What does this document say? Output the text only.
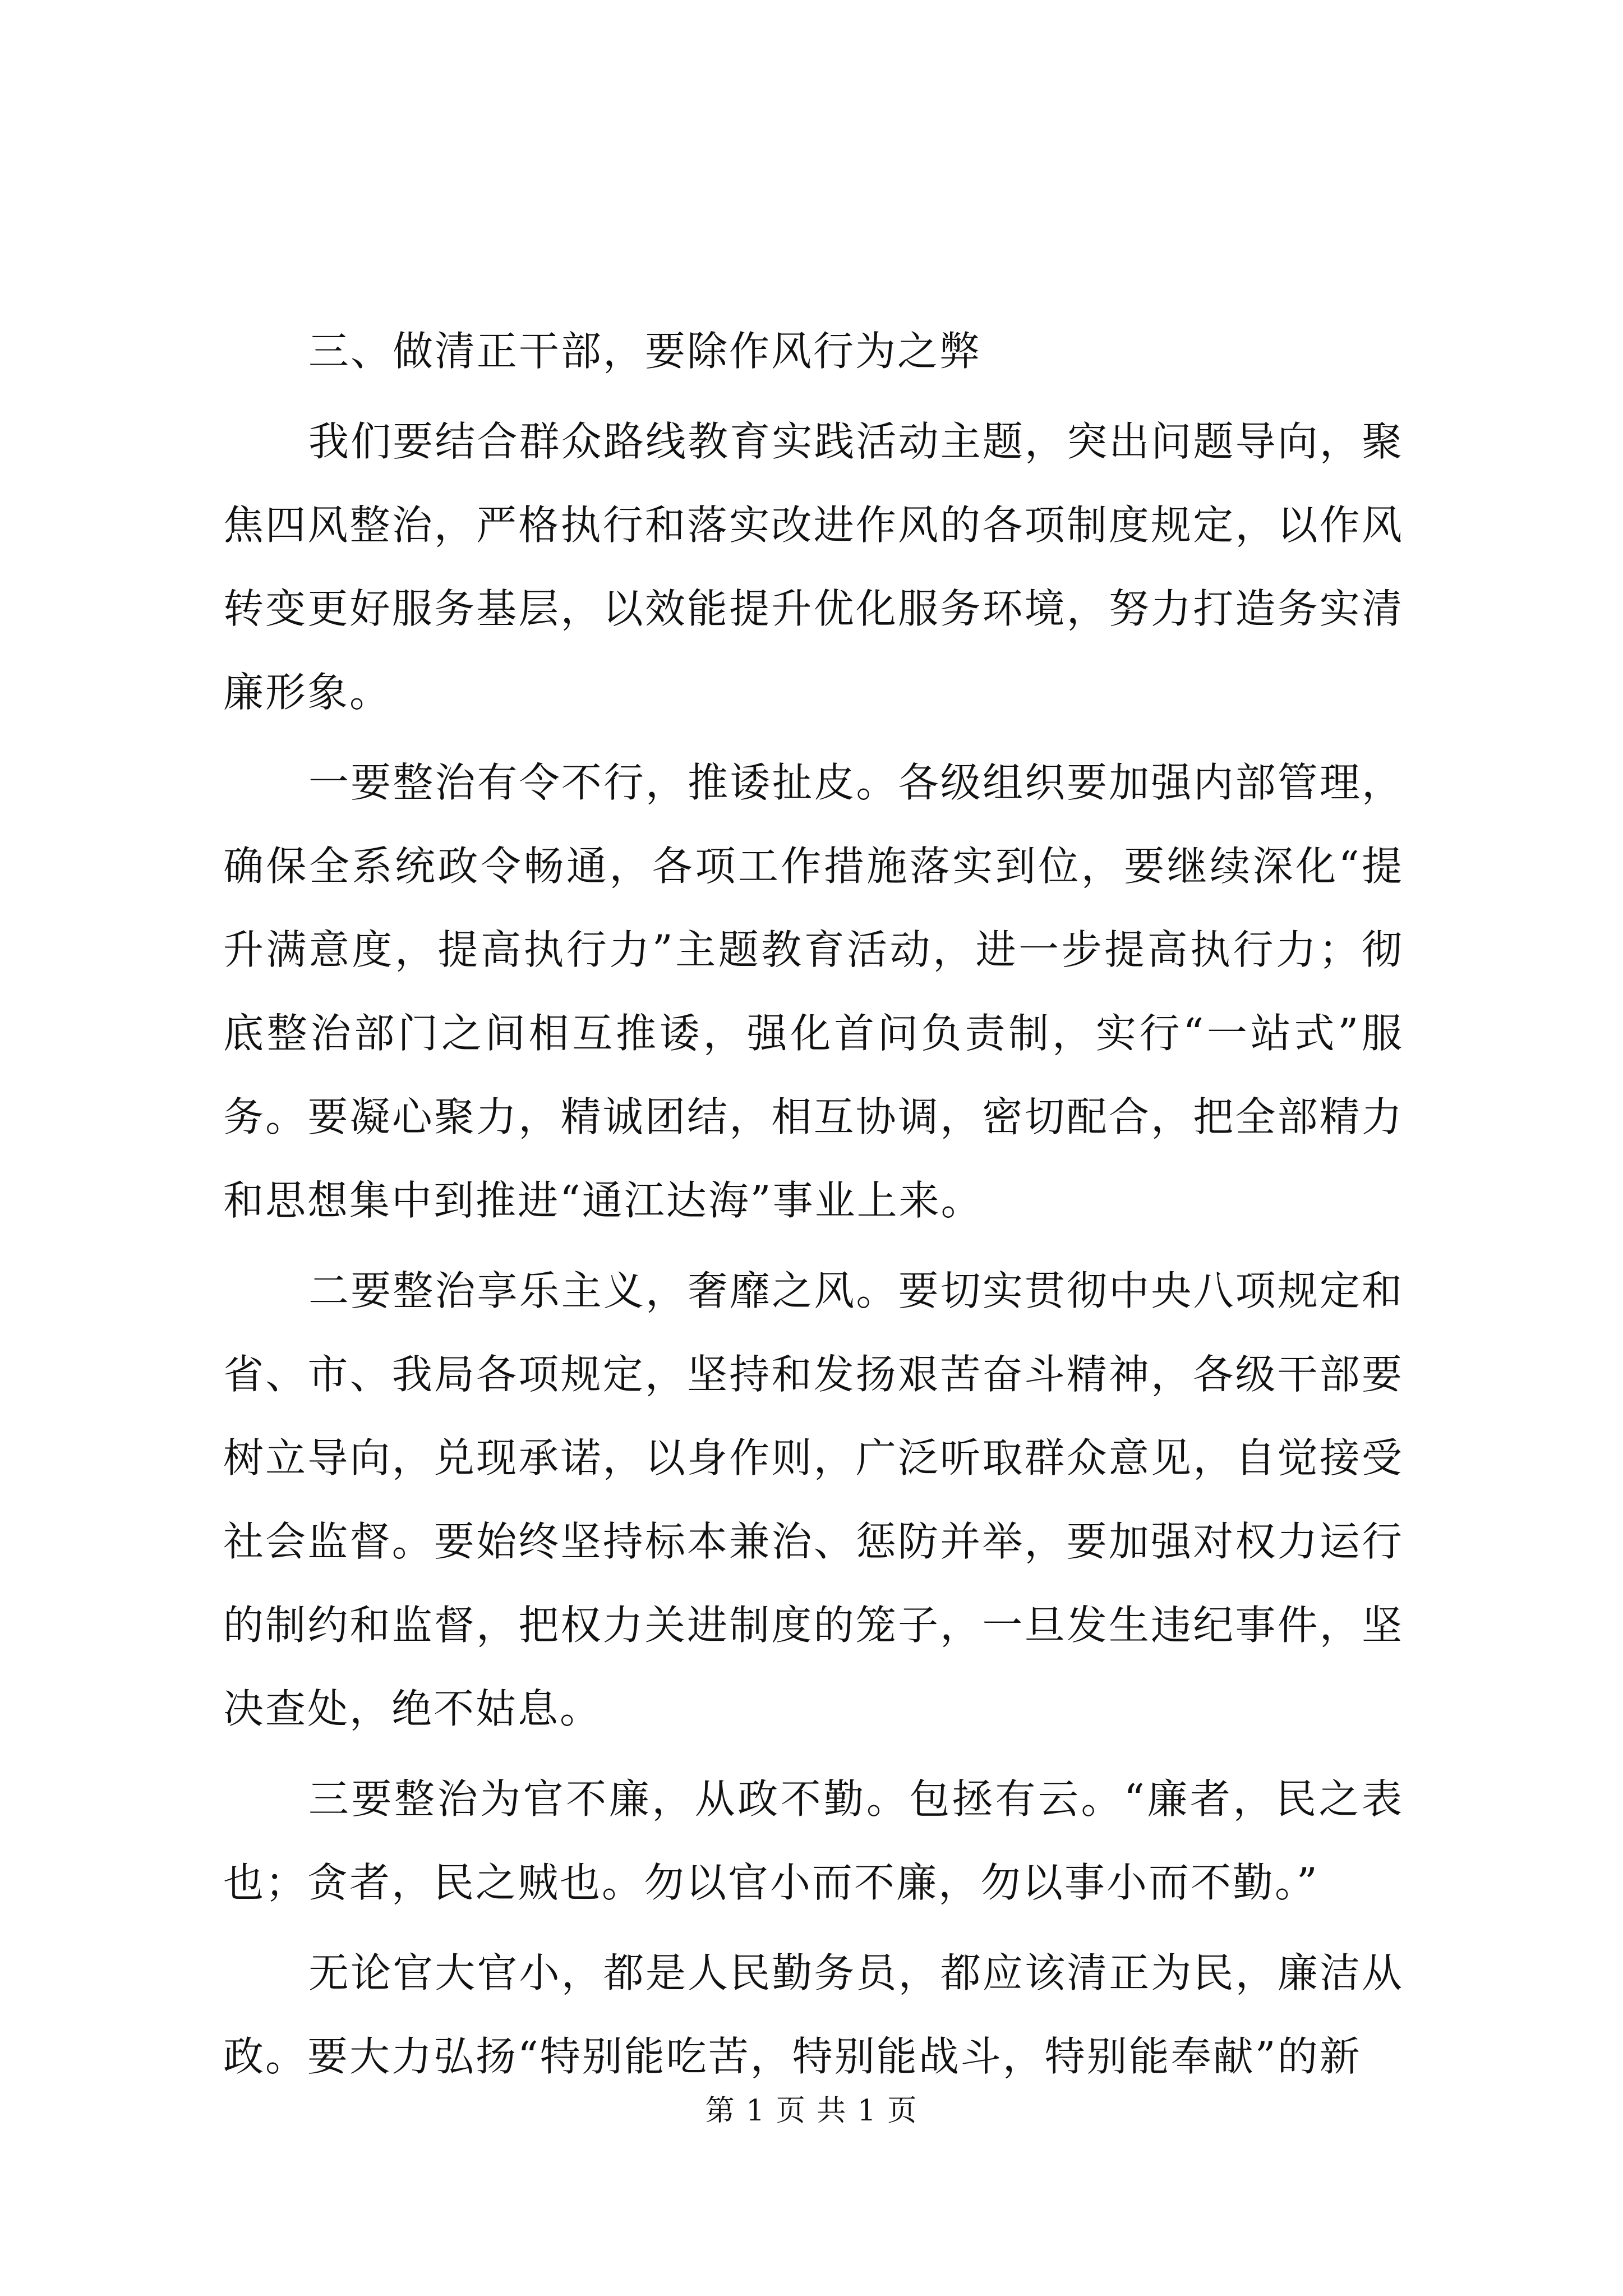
三、做清正干部，要除作风行为之弊

我们要结合群众路线教育实践活动主题，突出问题导向，聚焦四风整治，严格执行和落实改进作风的各项制度规定，以作风转变更好服务基层，以效能提升优化服务环境，努力打造务实清廉形象。

一要整治有令不行，推诿扯皮。各级组织要加强内部管理，确保全系统政令畅通，各项工作措施落实到位，要继续深化“提升满意度，提高执行力”主题教育活动，进一步提高执行力；彻底整治部门之间相互推诿，强化首问负责制，实行“一站式”服务。要凝心聚力，精诚团结，相互协调，密切配合，把全部精力和思想集中到推进“通江达海”事业上来。

二要整治享乐主义，奢靡之风。要切实贯彻中央八项规定和省、市、我局各项规定，坚持和发扬艰苦奋斗精神，各级干部要树立导向，兑现承诺，以身作则，广泛听取群众意见，自觉接受社会监督。要始终坚持标本兼治、惩防并举，要加强对权力运行的制约和监督，把权力关进制度的笼子，一旦发生违纪事件，坚决查处，绝不姑息。

三要整治为官不廉，从政不勤。包拯有云。“廉者，民之表也；贪者，民之贼也。勿以官小而不廉，勿以事小而不勤。”

无论官大官小，都是人民勤务员，都应该清正为民，廉洁从政。要大力弘扬“特别能吃苦，特别能战斗，特别能奉献”的新

第 1 页 共 1 页
